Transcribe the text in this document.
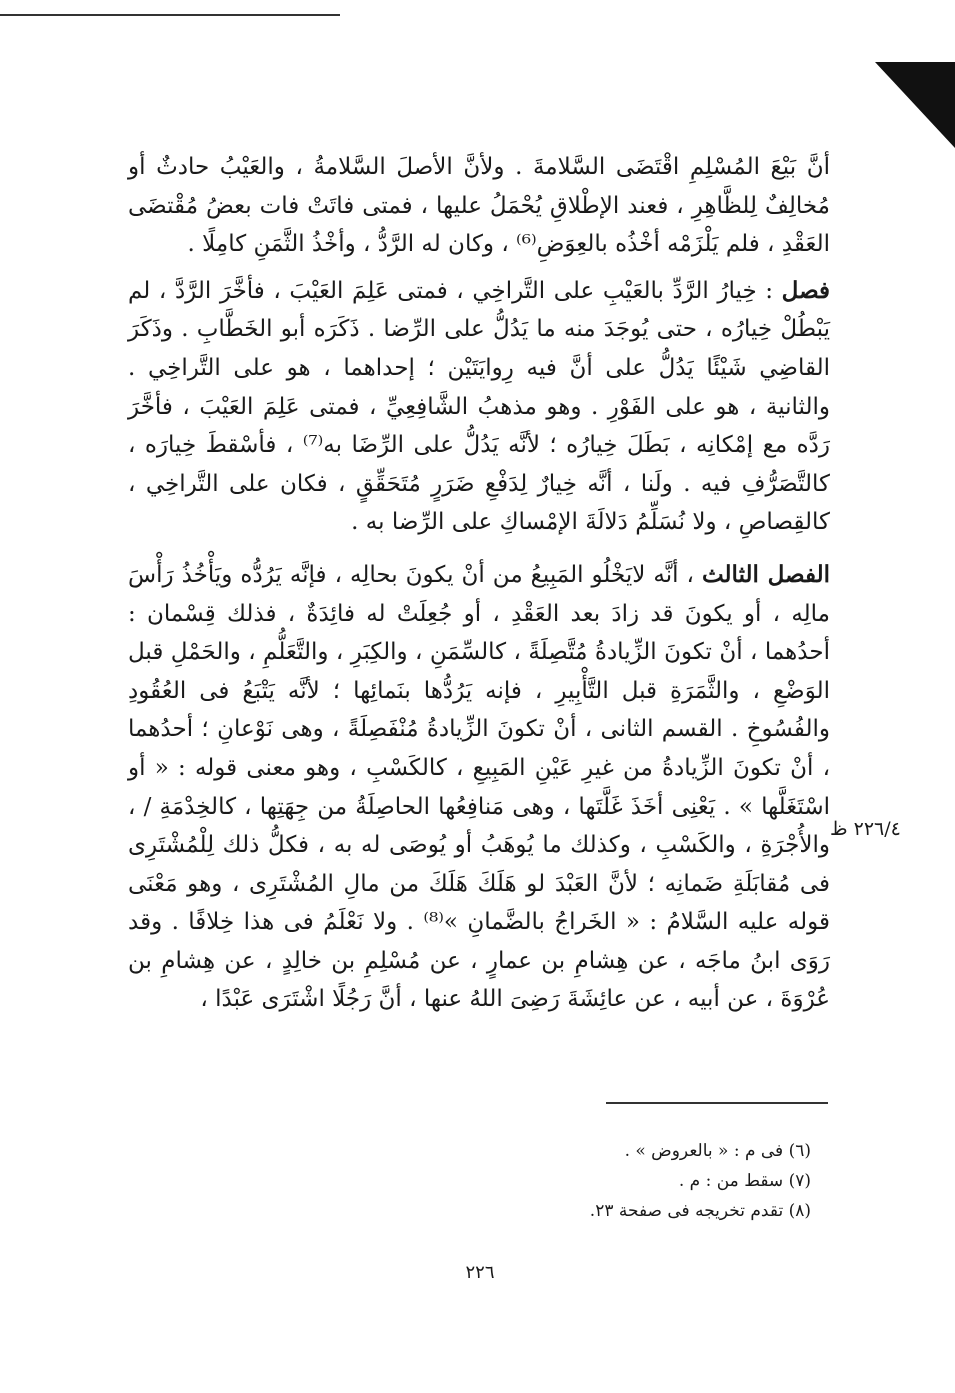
أنَّ بَيْعَ المُسْلِمِ اقْتَضَى السَّلامةَ . ولأنَّ الأصلَ السَّلامةُ ، والعَيْبُ حادثٌ أو مُخالِفٌ لِلظَّاهِرِ ، فعند الإطْلاقِ يُحْمَلُ عليها ، فمتى فاتَتْ فات بعضُ مُقْتضَى العَقْدِ ، فلم يَلْزَمْه أخْذُه بالعِوَضِ⁽⁶⁾ ، وكان له الرَّدُّ ، وأخْذُ الثَّمَنِ كامِلًا .

فصل : خِيارُ الرَّدِّ بالعَيْبِ على التَّراخِي ، فمتى عَلِمَ العَيْبَ ، فأخَّرَ الرَّدَّ ، لم يَبْطُلْ خِيارُه ، حتى يُوجَدَ منه ما يَدُلُّ على الرِّضا . ذَكَرَه أبو الخَطَّابِ . وذَكَرَ القاضِي شَيْئًا يَدُلُّ على أنَّ فيه رِوايَتَيْن ؛ إحداهما ، هو على التَّراخِي . والثانية ، هو على الفَوْرِ . وهو مذهبُ الشَّافِعِيِّ ، فمتى عَلِمَ العَيْبَ ، فأخَّرَ رَدَّه مع إمْكانِه ، بَطَلَ خِيارُه ؛ لأنَّه يَدُلُّ على الرِّضَا به⁽⁷⁾ ، فأسْقطَ خِيارَه ، كالتَّصَرُّفِ فيه . ولَنا ، أنَّه خِيارٌ لِدَفْعِ ضَرَرٍ مُتَحَقِّقٍ ، فكان على التَّراخِي ، كالقِصاصِ ، ولا نُسَلِّمُ دَلالَةَ الإمْساكِ على الرِّضا به .

الفصل الثالث ، أنَّه لايَخْلُو المَبِيعُ من أنْ يكونَ بحالِه ، فإنَّه يَرُدُّه ويَأْخُذُ رَأْسَ مالِه ، أو يكونَ قد زادَ بعد العَقْدِ ، أو جُعِلَتْ له فائِدَةٌ ، فذلك قِسْمان : أحدُهما ، أنْ تكونَ الزِّيادةُ مُتَّصِلَةً ، كالسِّمَنِ ، والكِبَرِ ، والتَّعَلُّمِ ، والحَمْلِ قبل الوَضْعِ ، والثَّمَرَةِ قبل التَّأْبِيرِ ، فإنه يَرُدُّها بنَمائِها ؛ لأنَّه يَتْبَعُ فى العُقُودِ والفُسُوخِ . القسم الثانى ، أنْ تكونَ الزِّيادةُ مُنْفَصِلَةً ، وهى نَوْعانِ ؛ أحدُهما ، أنْ تكونَ الزِّيادةُ من غيرِ عَيْنِ المَبِيعِ ، كالكَسْبِ ، وهو معنى قوله : « أو اسْتَغَلَّها » . يَعْنِى أخَذَ غَلَّتَها ، وهى مَنافِعُها الحاصِلَةُ من جِهَتِها ، كالخِدْمَةِ / ، والأُجْرَةِ ، والكَسْبِ ، وكذلك ما يُوهَبُ أو يُوصَى له به ، فكلُّ ذلك لِلْمُشْتَرِى فى مُقابَلَةِ ضَمانِه ؛ لأنَّ العَبْدَ لو هَلَكَ هَلَكَ من مالِ المُشْتَرِى ، وهو مَعْنَى قوله عليه السَّلامُ : « الخَراجُ بالضَّمانِ »⁽⁸⁾ . ولا نَعْلَمُ فى هذا خِلافًا . وقد رَوَى ابنُ ماجَه ، عن هِشامِ بن عمارٍ ، عن مُسْلِمِ بن خالِدٍ ، عن هِشامِ بن عُرْوَةَ ، عن أبيه ، عن عائِشَةَ رَضِىَ اللهُ عنها ، أنَّ رَجُلًا اشْتَرَى عَبْدًا ،

٢٢٦/٤ ظ
(٦) فى م : « بالعروض » .
(٧) سقط من : م .
(٨) تقدم تخريجه فى صفحة ٢٣.
٢٢٦
